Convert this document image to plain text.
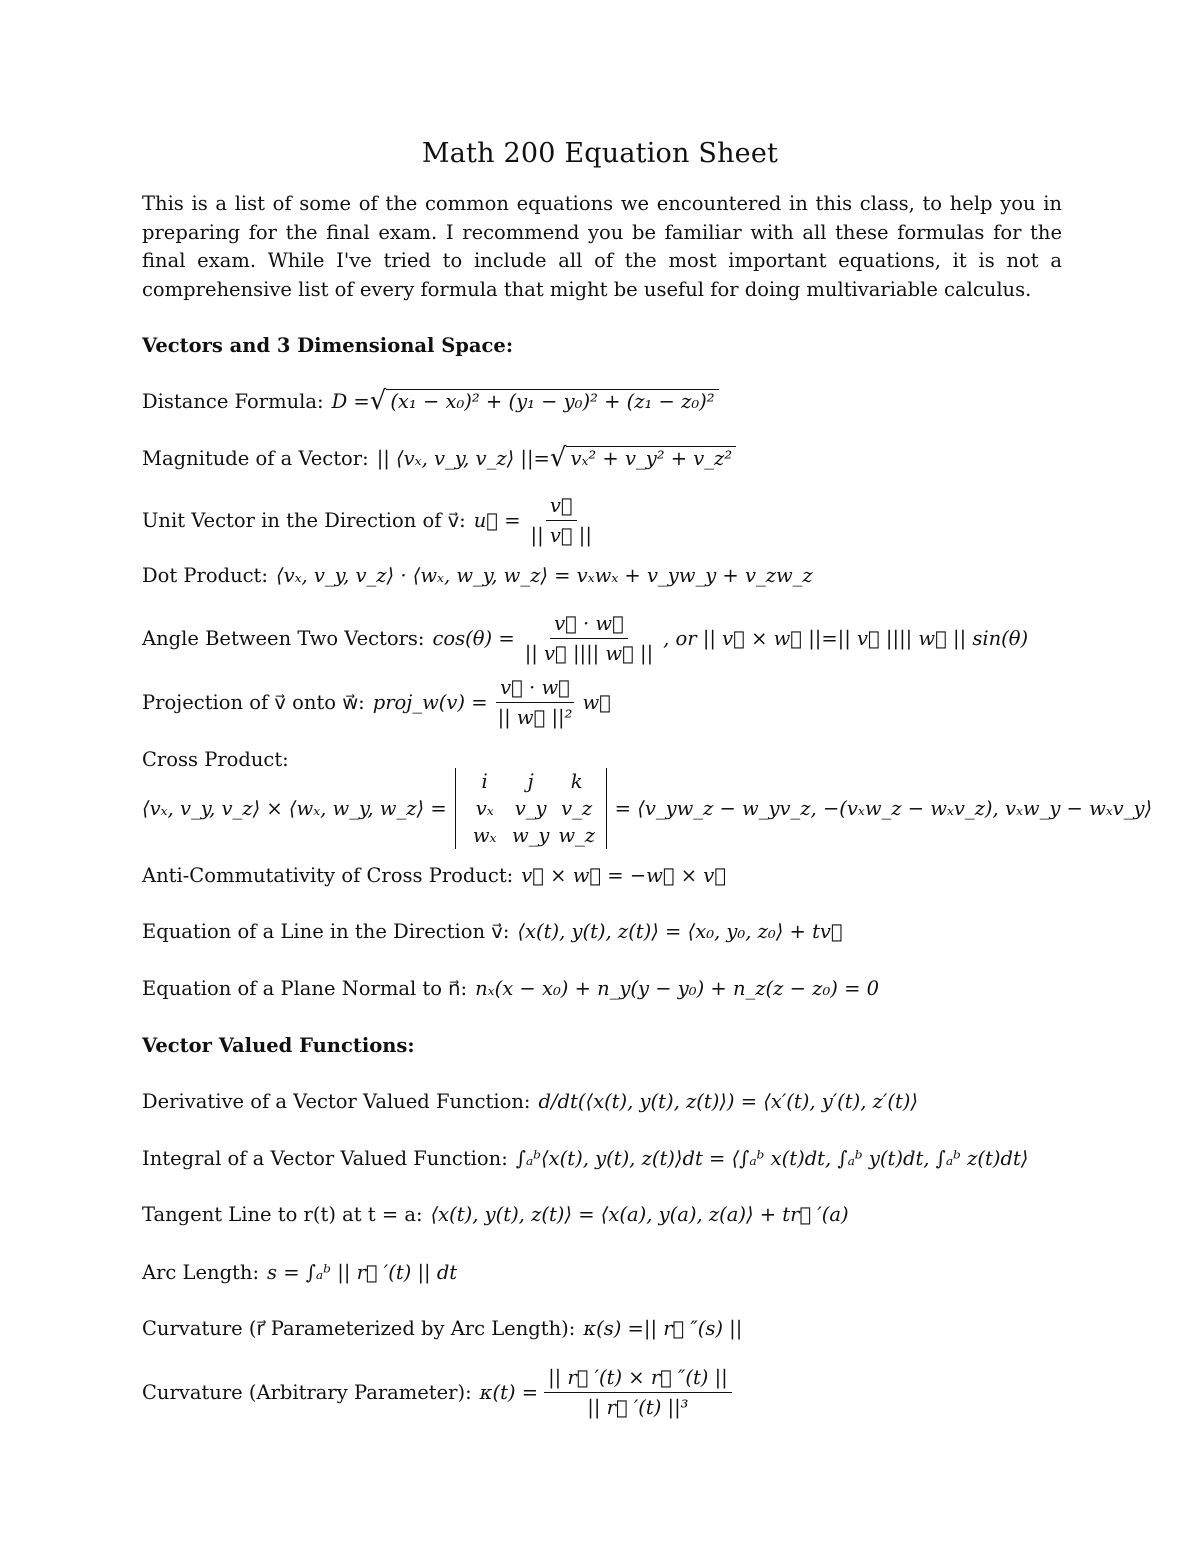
Math 200 Equation Sheet
This is a list of some of the common equations we encountered in this class, to help you in preparing for the final exam. I recommend you be familiar with all these formulas for the final exam. While I've tried to include all of the most important equations, it is not a comprehensive list of every formula that might be useful for doing multivariable calculus.
Vectors and 3 Dimensional Space:
Distance Formula: D = √ (x₁ − x₀)² + (y₁ − y₀)² + (z₁ − z₀)²
Magnitude of a Vector: || ⟨vₓ, v_y, v_z⟩ ||= √ vₓ² + v_y² + v_z²
Unit Vector in the Direction of v⃗: u⃗ = $\frac{v⃗}{|| v⃗ ||}$
Dot Product: ⟨vₓ, v_y, v_z⟩ · ⟨wₓ, w_y, w_z⟩ = vₓwₓ + v_yw_y + v_zw_z
Angle Between Two Vectors: $\cos(\theta) = \frac{v⃗ \cdot w⃗}{|| v⃗ |||| w⃗ ||}$ , or || v⃗ × w⃗ ||=|| v⃗ |||| w⃗ || sin(θ)
Projection of v⃗ onto w⃗: proj_w(v) = $\frac{v⃗ \cdot w⃗}{\text{|| w⃗ ||²}}$ w⃗
Cross Product:
⟨vₓ, v_y, v_z⟩ × ⟨wₓ, w_y, w_z⟩ =
i	j	k
vₓ	v_y v_z
wₓ w_y w_z
= ⟨v_yw_z − w_yv_z, −(vₓw_z − wₓv_z), vₓw_y − wₓv_y⟩
Anti-Commutativity of Cross Product: v⃗ × w⃗ = −w⃗ × v⃗
Equation of a Line in the Direction v⃗: ⟨x(t), y(t), z(t)⟩ = ⟨x₀, y₀, z₀⟩ + tv⃗
Equation of a Plane Normal to n⃗: nₓ(x − x₀) + n_y(y − y₀) + n_z(z − z₀) = 0
Vector Valued Functions:
Derivative of a Vector Valued Function: d/dt(⟨x(t), y(t), z(t)⟩) = ⟨x′(t), y′(t), z′(t)⟩
Integral of a Vector Valued Function: ∫ₐᵇ⟨x(t), y(t), z(t)⟩dt = ⟨∫ₐᵇ x(t)dt, ∫ₐᵇ y(t)dt, ∫ₐᵇ z(t)dt⟩
Tangent Line to r(t) at t = a: ⟨x(t), y(t), z(t)⟩ = ⟨x(a), y(a), z(a)⟩ + tr⃗ ′(a)
Arc Length: s = ∫ₐᵇ || r⃗ ′(t) || dt
Curvature (r⃗ Parameterized by Arc Length): κ(s) =|| r⃗ ″(s) ||
Curvature (Arbitrary Parameter): $\kappa(t) = \frac{|| r⃗ '(t) \times r⃗ ''(t) ||}{\text{|| r⃗ ′(t) ||³}}$
